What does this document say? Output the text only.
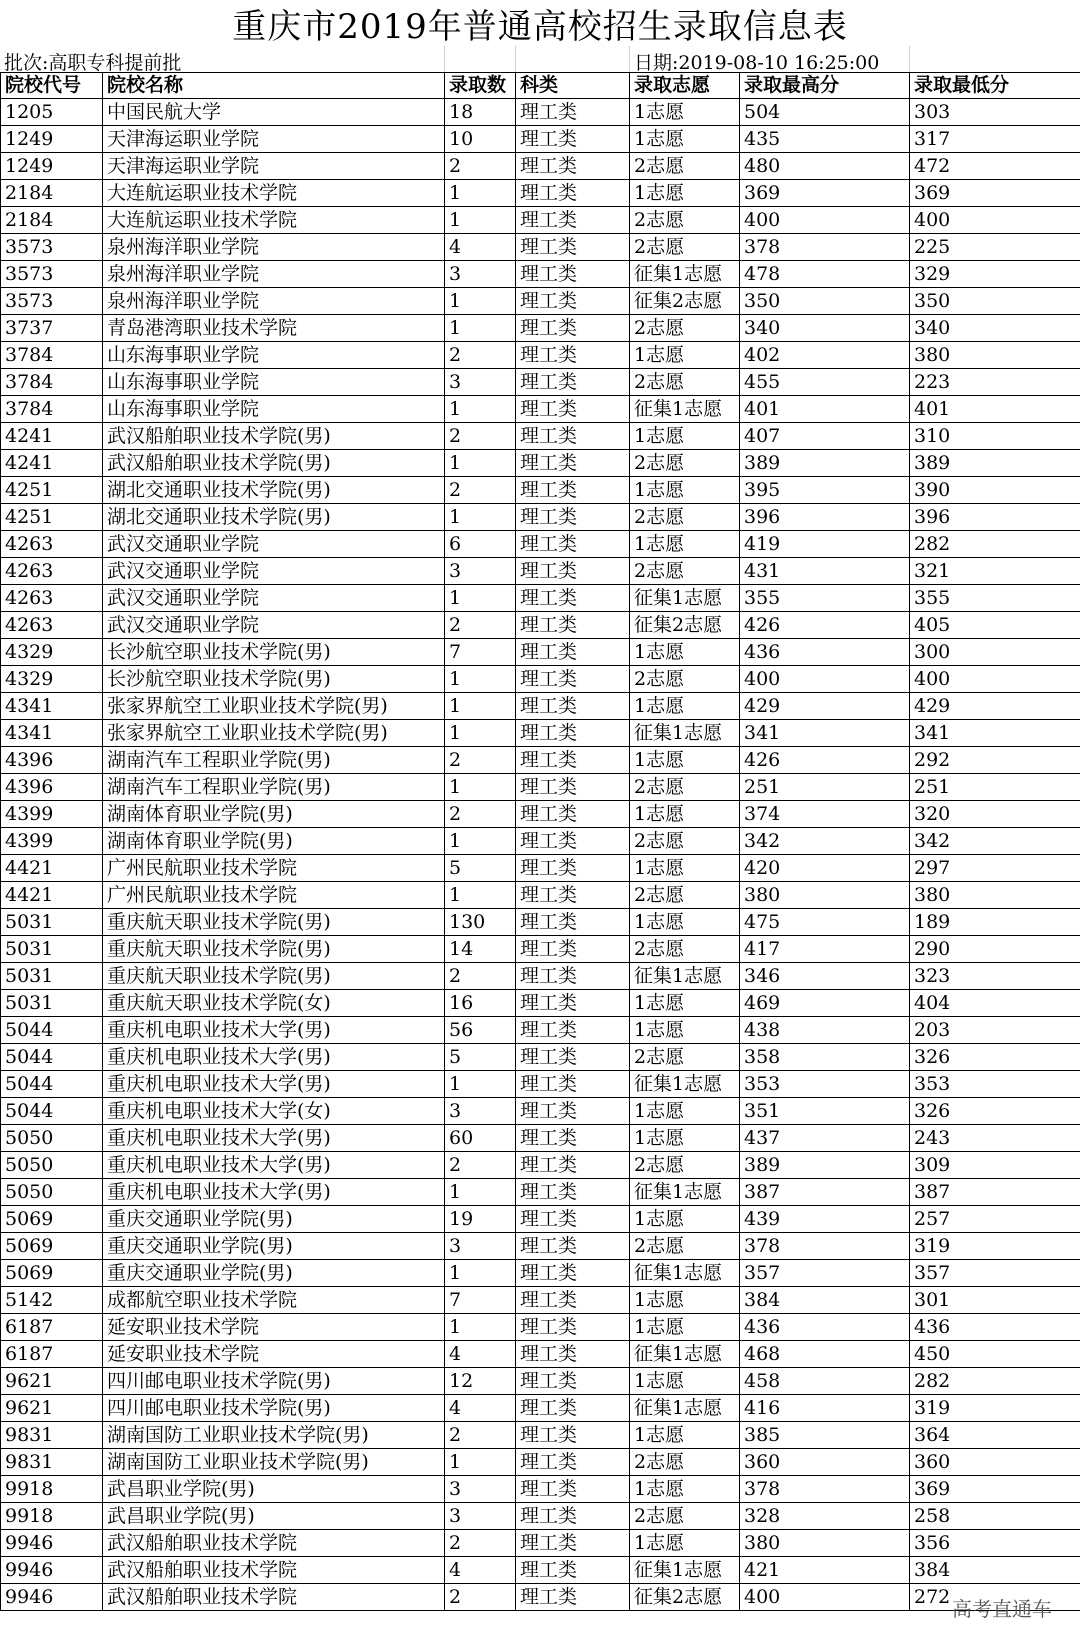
重庆市2019年普通高校招生录取信息表
批次:高职专科提前批	日期:2019-08-10 16:25:00
院校代号	院校名称	录取数	科类	录取志愿	录取最高分	录取最低分
1205	中国民航大学	18	理工类	1志愿	504	303
1249	天津海运职业学院	10	理工类	1志愿	435	317
1249	天津海运职业学院	2	理工类	2志愿	480	472
2184	大连航运职业技术学院	1	理工类	1志愿	369	369
2184	大连航运职业技术学院	1	理工类	2志愿	400	400
3573	泉州海洋职业学院	4	理工类	2志愿	378	225
3573	泉州海洋职业学院	3	理工类	征集1志愿	478	329
3573	泉州海洋职业学院	1	理工类	征集2志愿	350	350
3737	青岛港湾职业技术学院	1	理工类	2志愿	340	340
3784	山东海事职业学院	2	理工类	1志愿	402	380
3784	山东海事职业学院	3	理工类	2志愿	455	223
3784	山东海事职业学院	1	理工类	征集1志愿	401	401
4241	武汉船舶职业技术学院(男)	2	理工类	1志愿	407	310
4241	武汉船舶职业技术学院(男)	1	理工类	2志愿	389	389
4251	湖北交通职业技术学院(男)	2	理工类	1志愿	395	390
4251	湖北交通职业技术学院(男)	1	理工类	2志愿	396	396
4263	武汉交通职业学院	6	理工类	1志愿	419	282
4263	武汉交通职业学院	3	理工类	2志愿	431	321
4263	武汉交通职业学院	1	理工类	征集1志愿	355	355
4263	武汉交通职业学院	2	理工类	征集2志愿	426	405
4329	长沙航空职业技术学院(男)	7	理工类	1志愿	436	300
4329	长沙航空职业技术学院(男)	1	理工类	2志愿	400	400
4341	张家界航空工业职业技术学院(男)	1	理工类	1志愿	429	429
4341	张家界航空工业职业技术学院(男)	1	理工类	征集1志愿	341	341
4396	湖南汽车工程职业学院(男)	2	理工类	1志愿	426	292
4396	湖南汽车工程职业学院(男)	1	理工类	2志愿	251	251
4399	湖南体育职业学院(男)	2	理工类	1志愿	374	320
4399	湖南体育职业学院(男)	1	理工类	2志愿	342	342
4421	广州民航职业技术学院	5	理工类	1志愿	420	297
4421	广州民航职业技术学院	1	理工类	2志愿	380	380
5031	重庆航天职业技术学院(男)	130	理工类	1志愿	475	189
5031	重庆航天职业技术学院(男)	14	理工类	2志愿	417	290
5031	重庆航天职业技术学院(男)	2	理工类	征集1志愿	346	323
5031	重庆航天职业技术学院(女)	16	理工类	1志愿	469	404
5044	重庆机电职业技术大学(男)	56	理工类	1志愿	438	203
5044	重庆机电职业技术大学(男)	5	理工类	2志愿	358	326
5044	重庆机电职业技术大学(男)	1	理工类	征集1志愿	353	353
5044	重庆机电职业技术大学(女)	3	理工类	1志愿	351	326
5050	重庆机电职业技术大学(男)	60	理工类	1志愿	437	243
5050	重庆机电职业技术大学(男)	2	理工类	2志愿	389	309
5050	重庆机电职业技术大学(男)	1	理工类	征集1志愿	387	387
5069	重庆交通职业学院(男)	19	理工类	1志愿	439	257
5069	重庆交通职业学院(男)	3	理工类	2志愿	378	319
5069	重庆交通职业学院(男)	1	理工类	征集1志愿	357	357
5142	成都航空职业技术学院	7	理工类	1志愿	384	301
6187	延安职业技术学院	1	理工类	1志愿	436	436
6187	延安职业技术学院	4	理工类	征集1志愿	468	450
9621	四川邮电职业技术学院(男)	12	理工类	1志愿	458	282
9621	四川邮电职业技术学院(男)	4	理工类	征集1志愿	416	319
9831	湖南国防工业职业技术学院(男)	2	理工类	1志愿	385	364
9831	湖南国防工业职业技术学院(男)	1	理工类	2志愿	360	360
9918	武昌职业学院(男)	3	理工类	1志愿	378	369
9918	武昌职业学院(男)	3	理工类	2志愿	328	258
9946	武汉船舶职业技术学院	2	理工类	1志愿	380	356
9946	武汉船舶职业技术学院	4	理工类	征集1志愿	421	384
9946	武汉船舶职业技术学院	2	理工类	征集2志愿	400	272 高考直通车
